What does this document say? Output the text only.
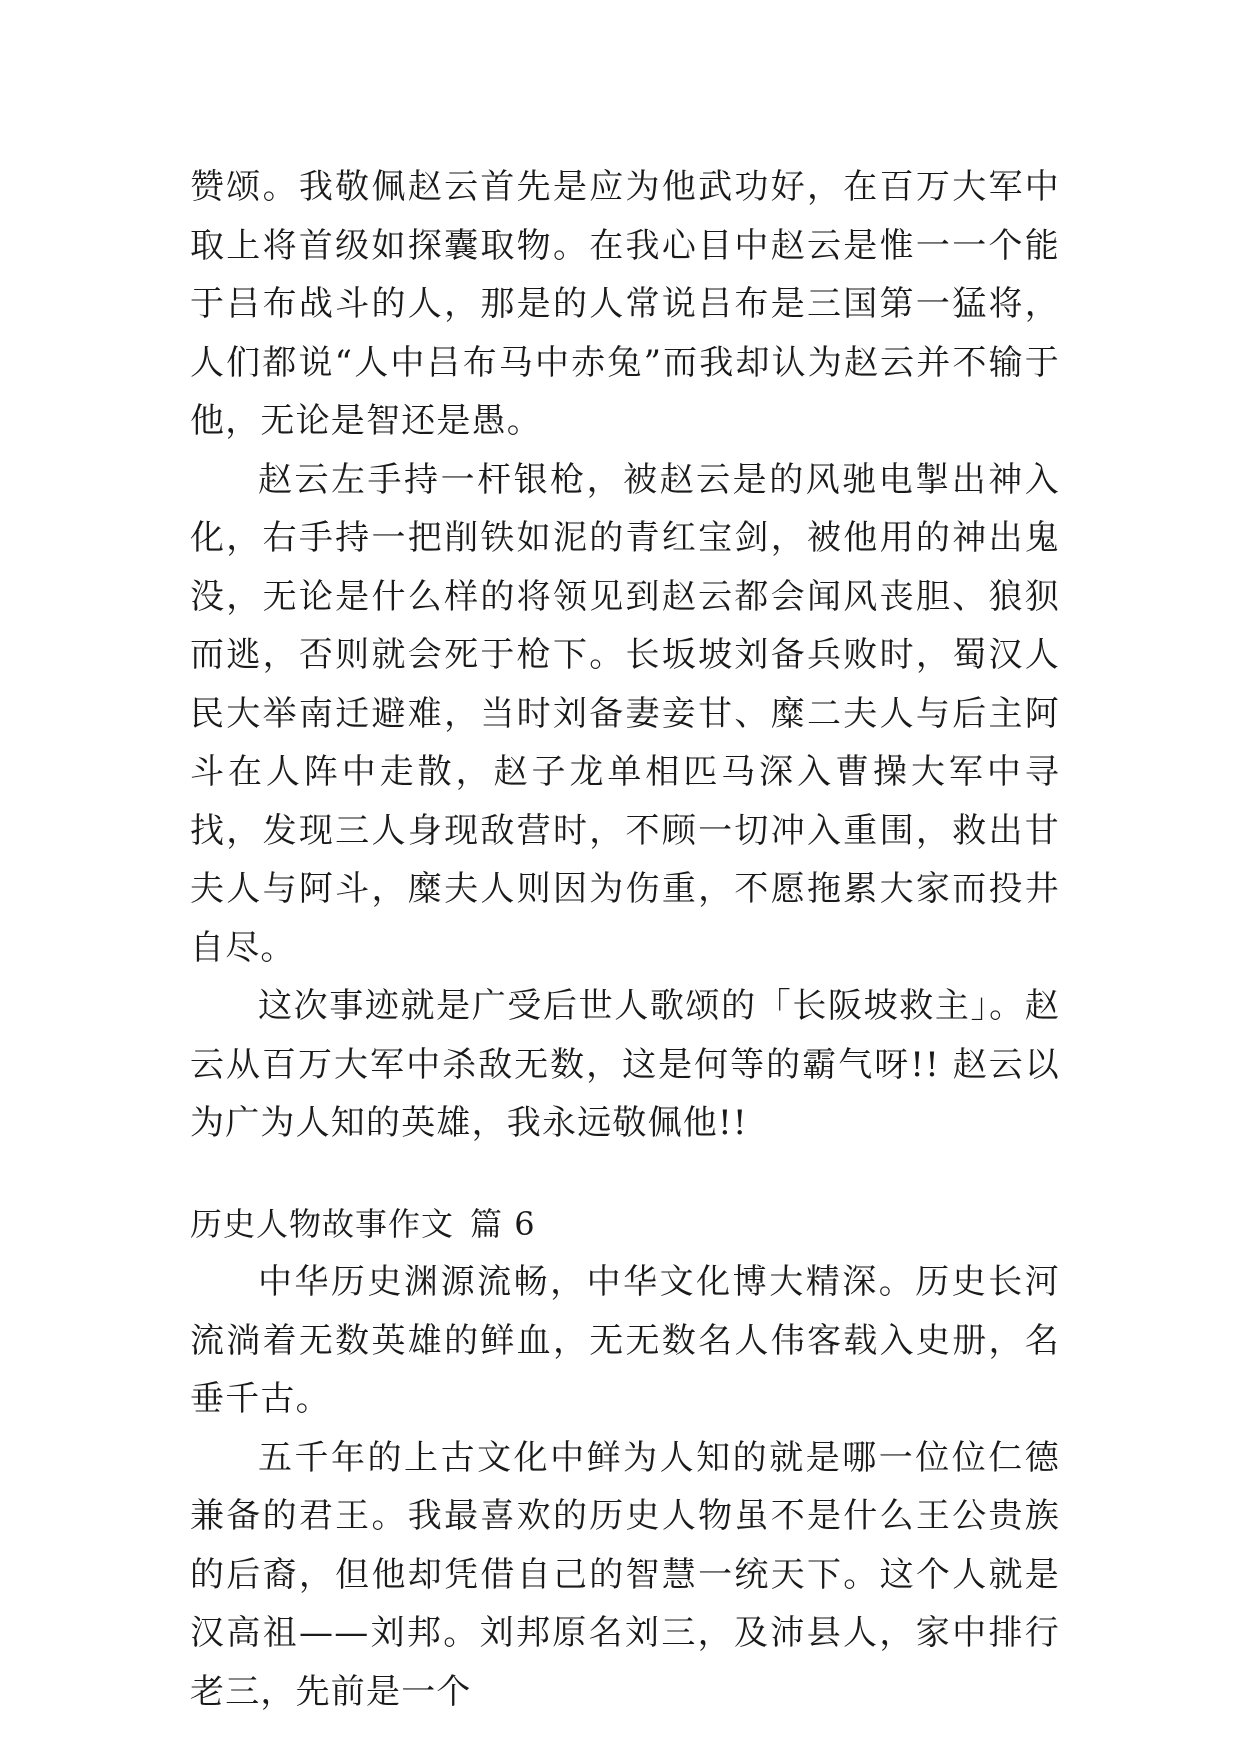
赞颂。我敬佩赵云首先是应为他武功好，在百万大军中取上将首级如探囊取物。在我心目中赵云是惟一一个能于吕布战斗的人，那是的人常说吕布是三国第一猛将，人们都说“人中吕布马中赤兔”而我却认为赵云并不输于他，无论是智还是愚。

赵云左手持一杆银枪，被赵云是的风驰电掣出神入化，右手持一把削铁如泥的青红宝剑，被他用的神出鬼没，无论是什么样的将领见到赵云都会闻风丧胆、狼狈而逃，否则就会死于枪下。长坂坡刘备兵败时，蜀汉人民大举南迁避难，当时刘备妻妾甘、糜二夫人与后主阿斗在人阵中走散，赵子龙单相匹马深入曹操大军中寻找，发现三人身现敌营时，不顾一切冲入重围，救出甘夫人与阿斗，糜夫人则因为伤重，不愿拖累大家而投井自尽。

这次事迹就是广受后世人歌颂的「长阪坡救主」。赵云从百万大军中杀敌无数，这是何等的霸气呀!! 赵云以为广为人知的英雄，我永远敬佩他!!

历史人物故事作文 篇 6

中华历史渊源流畅，中华文化博大精深。历史长河流淌着无数英雄的鲜血，无无数名人伟客载入史册，名垂千古。

五千年的上古文化中鲜为人知的就是哪一位位仁德兼备的君王。我最喜欢的历史人物虽不是什么王公贵族的后裔，但他却凭借自己的智慧一统天下。这个人就是汉高祖——刘邦。刘邦原名刘三，及沛县人，家中排行老三，先前是一个
